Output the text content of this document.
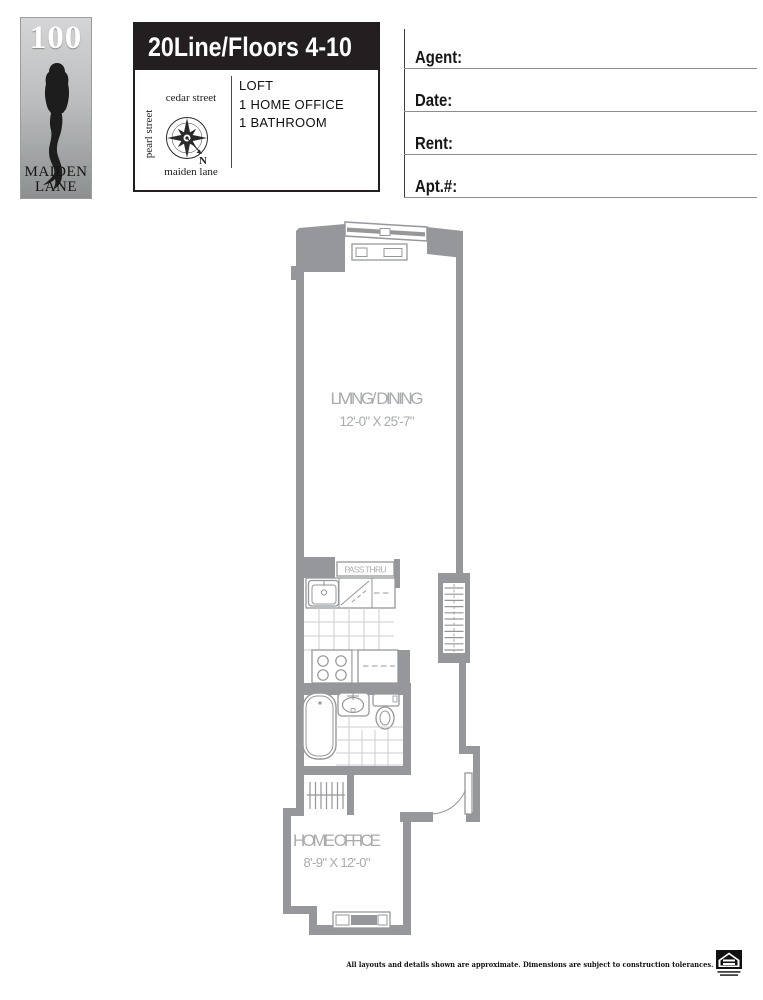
100
MAIDEN
LANE
20Line/Floors 4-10
cedar street
pearl street
maiden lane
N
LOFT
1 HOME OFFICE
1 BATHROOM
Agent:
Date:
Rent:
Apt.#:
LIVING/ DINING
12'-0" X 25'-7"
PASS THRU
HOME OFFICE
8'-9" X 12'-0"
All layouts and details shown are approximate. Dimensions are subject to construction tolerances.
